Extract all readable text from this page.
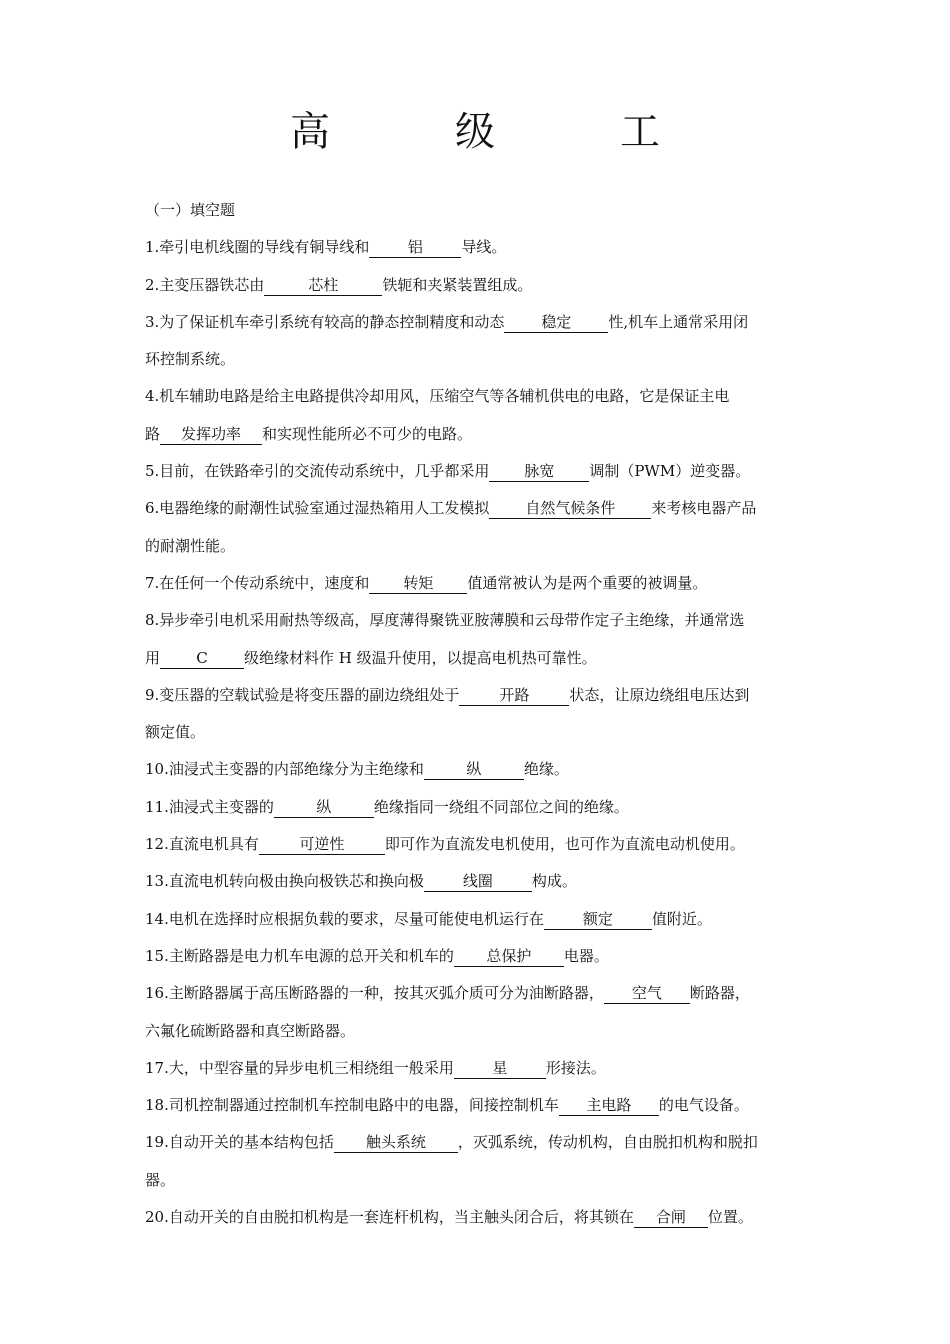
高	级	工
（一）填空题
1.牵引电机线圈的导线有铜导线和	铝	导线。
2.主变压器铁芯由	芯柱	铁轭和夹紧装置组成。
3.为了保证机车牵引系统有较高的静态控制精度和动态 稳定 性,机车上通常采用闭
环控制系统。
4.机车辅助电路是给主电路提供冷却用风，压缩空气等各辅机供电的电路，它是保证主电
路 发挥功率 和实现性能所必不可少的电路。
5.目前，在铁路牵引的交流传动系统中，几乎都采用 脉宽 调制（PWM）逆变器。
6.电器绝缘的耐潮性试验室通过湿热箱用人工发模拟 自然气候条件 来考核电器产品
的耐潮性能。
7.在任何一个传动系统中，速度和 转矩 值通常被认为是两个重要的被调量。
8.异步牵引电机采用耐热等级高，厚度薄得聚铣亚胺薄膜和云母带作定子主绝缘，并通常选
用 C 级绝缘材料作 H 级温升使用，以提高电机热可靠性。
9.变压器的空载试验是将变压器的副边绕组处于	开路	状态，让原边绕组电压达到
额定值。
10.油浸式主变器的内部绝缘分为主绝缘和	纵	绝缘。
11.油浸式主变器的	纵	绝缘指同一绕组不同部位之间的绝缘。
12.直流电机具有	可逆性	即可作为直流发电机使用，也可作为直流电动机使用。
13.直流电机转向极由换向极铁芯和换向极	线圈	构成。
14.电机在选择时应根据负载的要求，尽量可能使电机运行在	额定	值附近。
15.主断路器是电力机车电源的总开关和机车的 总保护 电器。
16.主断路器属于高压断路器的一种，按其灭弧介质可分为油断路器， 空气 断路器，
六氟化硫断路器和真空断路器。
17.大，中型容量的异步电机三相绕组一般采用	星	形接法。
18.司机控制器通过控制机车控制电路中的电器，间接控制机车 主电路 的电气设备。
19.自动开关的基本结构包括 触头系统 ，灭弧系统，传动机构，自由脱扣机构和脱扣
器。
20.自动开关的自由脱扣机构是一套连杆机构，当主触头闭合后，将其锁在 合闸 位置。
